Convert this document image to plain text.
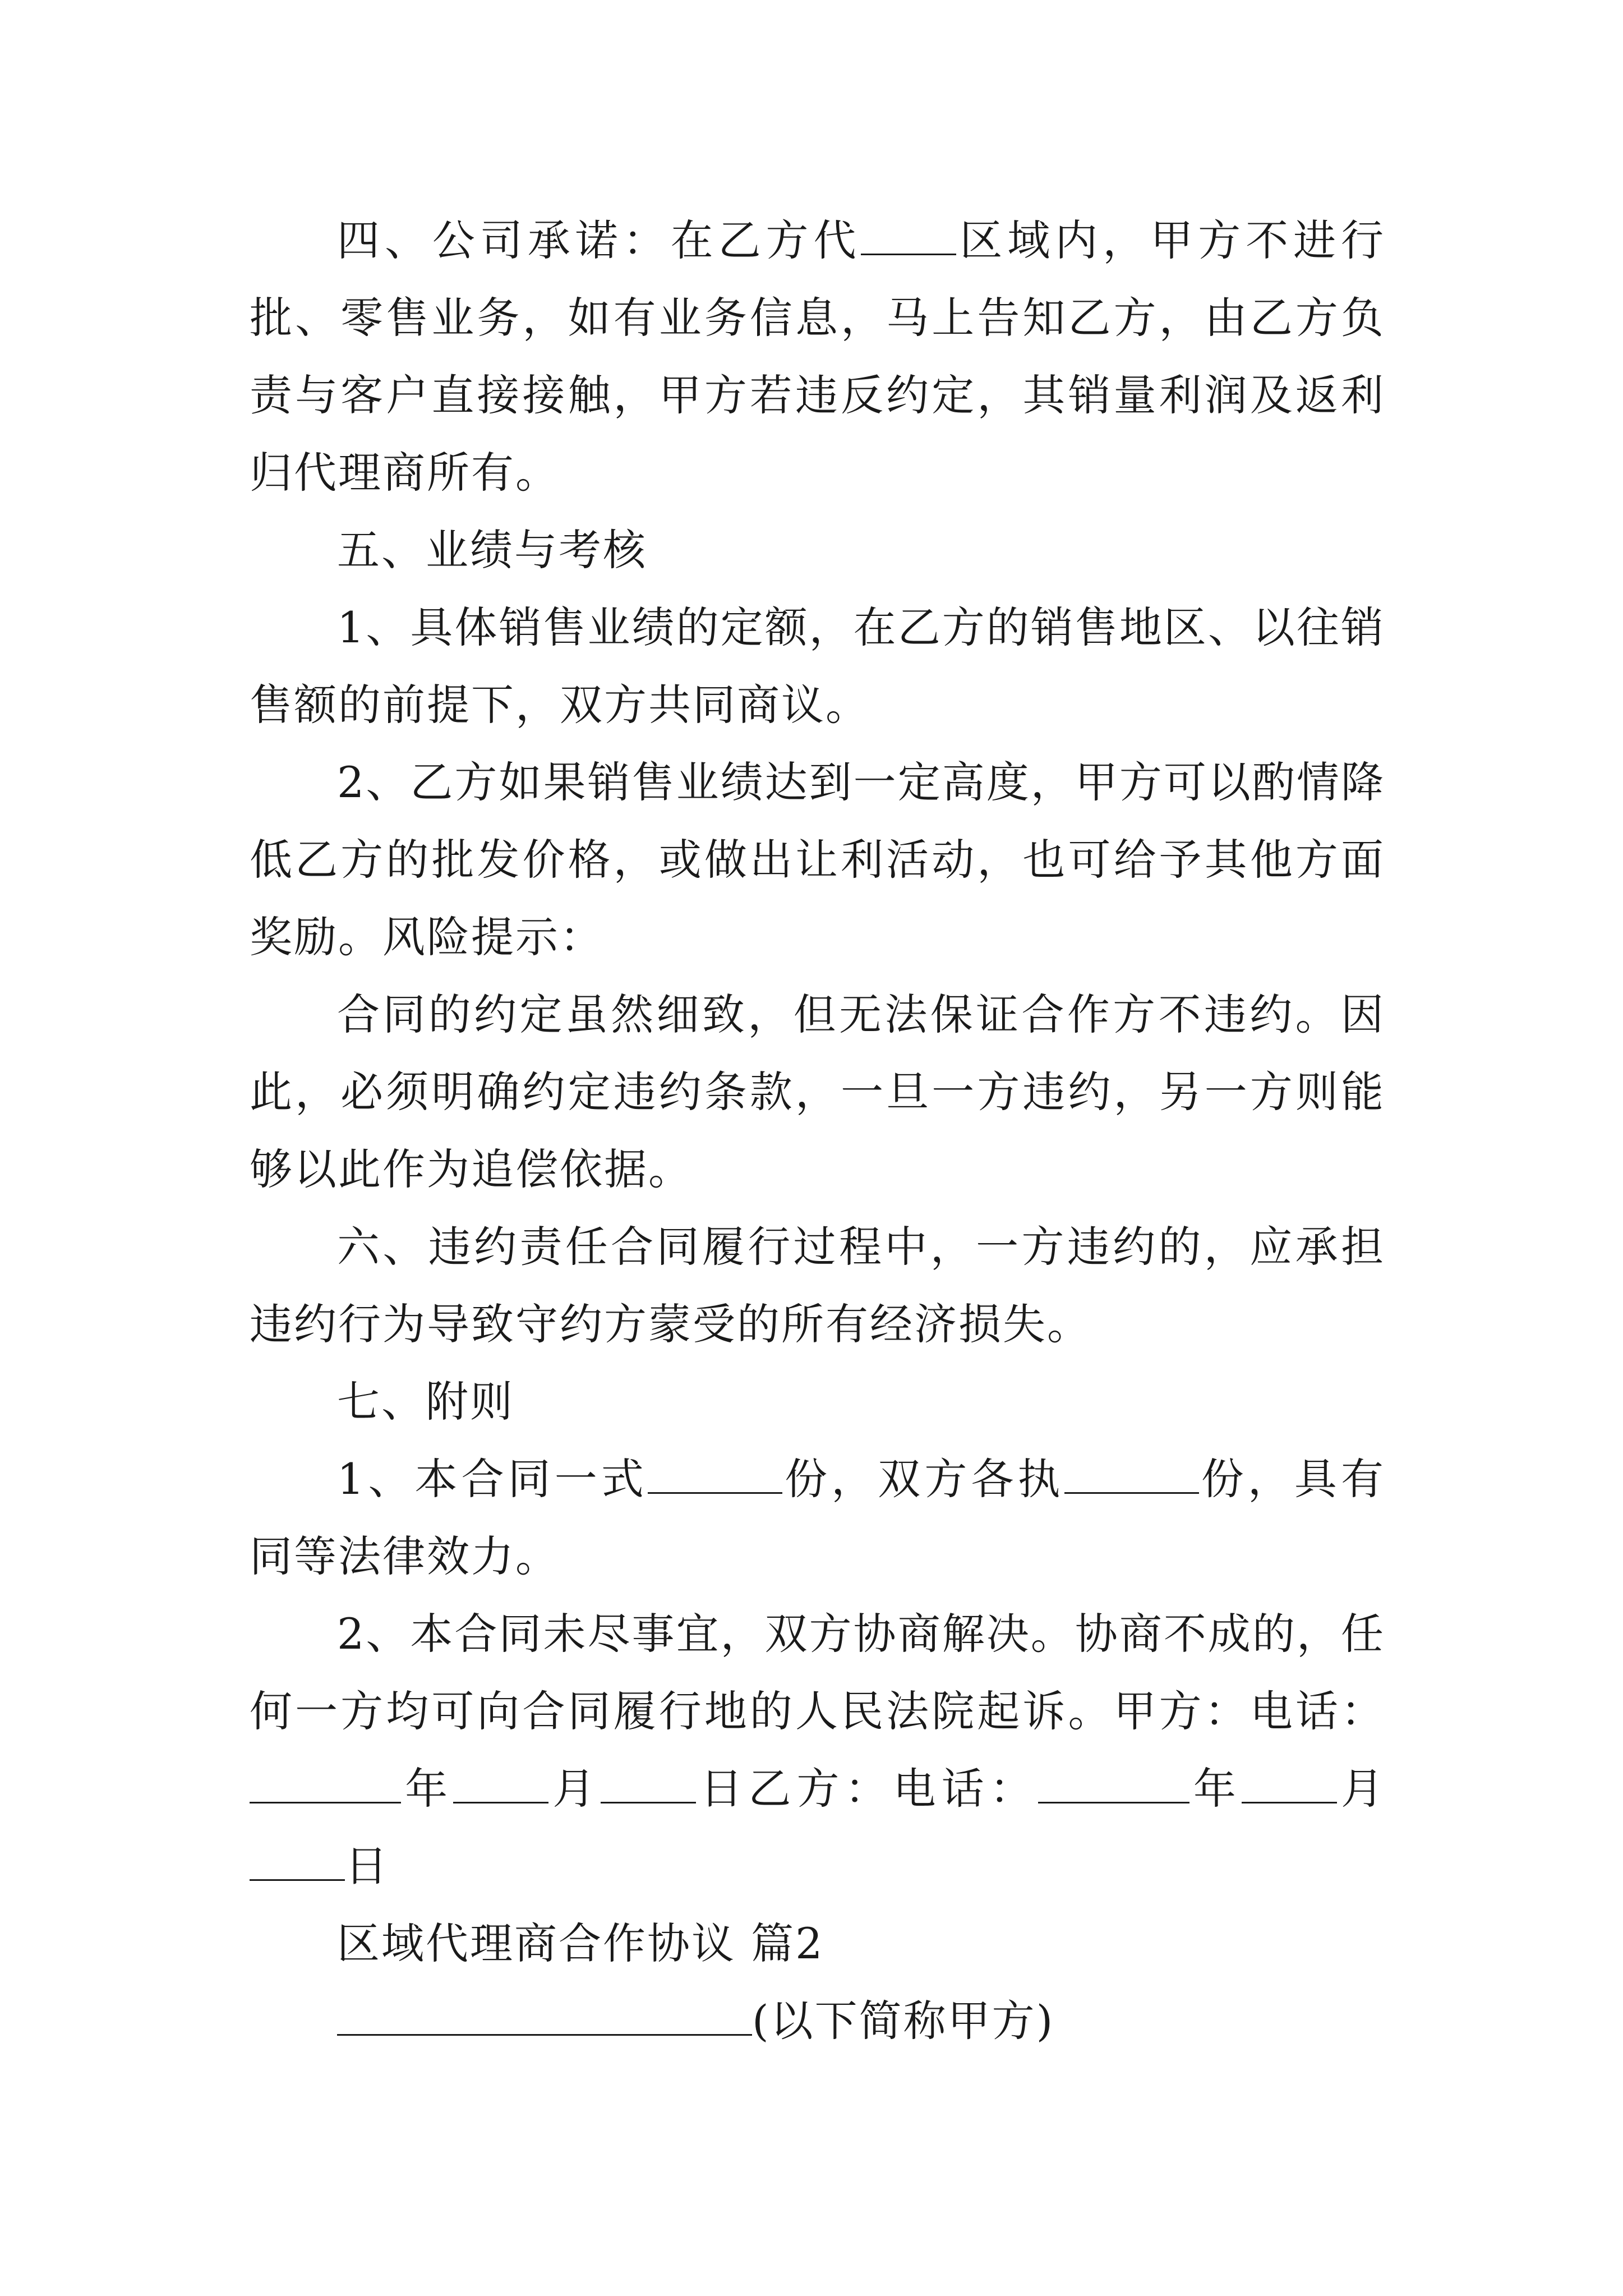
四、公司承诺：在乙方代 区域内，甲方不进行批、零售业务，如有业务信息，马上告知乙方，由乙方负责与客户直接接触，甲方若违反约定，其销量利润及返利归代理商所有。

五、业绩与考核

1、具体销售业绩的定额，在乙方的销售地区、以往销售额的前提下，双方共同商议。

2、乙方如果销售业绩达到一定高度，甲方可以酌情降低乙方的批发价格，或做出让利活动，也可给予其他方面奖励。风险提示：

合同的约定虽然细致，但无法保证合作方不违约。因此，必须明确约定违约条款，一旦一方违约，另一方则能够以此作为追偿依据。

六、违约责任合同履行过程中，一方违约的，应承担违约行为导致守约方蒙受的所有经济损失。

七、附则

1、本合同一式	份，双方各执	份，具有同等法律效力。

2、本合同未尽事宜，双方协商解决。协商不成的，任何一方均可向合同履行地的人民法院起诉。甲方：电话：年 月 日乙方：电话：	年 月日

区域代理商合作协议 篇2

(以下简称甲方)
